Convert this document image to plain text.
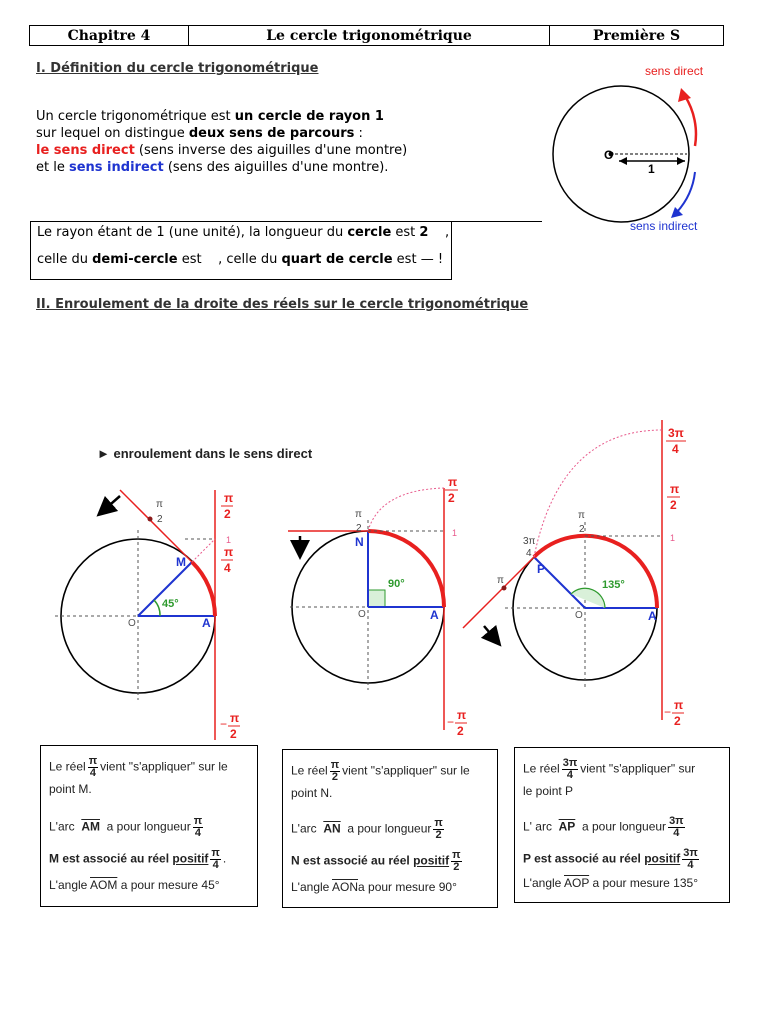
Chapitre 4	Le cercle trigonométrique	Première S
I. Définition du cercle trigonométrique
Un cercle trigonométrique est un cercle de rayon 1
sur lequel on distingue deux sens de parcours :
le sens direct (sens inverse des aiguilles d'une montre)
et le sens indirect (sens des aiguilles d'une montre).
O
1
sens direct
sens indirect
Le rayon étant de 1 (une unité), la longueur du cercle est 2    ,
celle du demi-cercle est    , celle du quart de cercle est — !
II. Enroulement de la droite des réels sur le cercle trigonométrique
► enroulement dans le sens direct
45°
M
A
O
π
2
π
4
1
π
2
− π
2
90°
N
A
O
π
2
π
2
1
− π
2
135°
P
A
O
π
3π
4
π
2
3π
4
π
2
1
− π
2

Le réel $\frac{\pi}{4}$ vient "s'appliquer" sur le

point M.

L'arc $\overline{AM}$ a pour longueur $\frac{\pi}{4}$

M est associé au réel positif $\frac{\pi}{4}$ .

L'angle $\overline{AOM}$ a pour mesure 45°

Le réel $\frac{\pi}{2}$ vient "s'appliquer" sur le

point N.

L'arc $\overline{AN}$ a pour longueur $\frac{\pi}{2}$

N est associé au réel positif $\frac{\pi}{2}$

L'angle $\overline{AON}a$ pour mesure 90°

Le réel $\frac{3\pi}{4}$ vient "s'appliquer" sur

le point P

L' arc $\overline{AP}$ a pour longueur $\frac{3\pi}{4}$

P est associé au réel positif $\frac{3\pi}{4}$

L'angle $\overline{AOP}$ a pour mesure 135°
